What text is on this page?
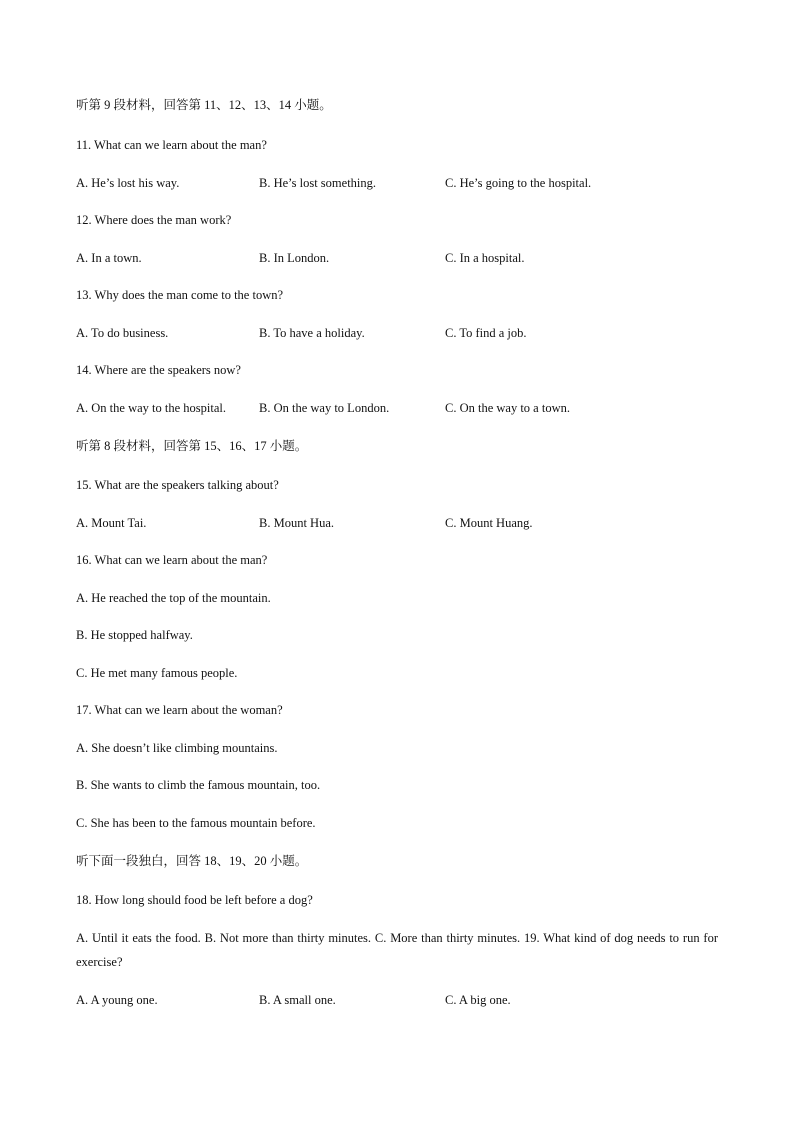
听第 9 段材料，回答第 11、12、13、14 小题。
11. What can we learn about the man?
A. He’s lost his way.	B. He’s lost something.	C. He’s going to the hospital.
12. Where does the man work?
A. In a town.	B. In London.	C. In a hospital.
13. Why does the man come to the town?
A. To do business.	B. To have a holiday.	C. To find a job.
14. Where are the speakers now?
A. On the way to the hospital.	B. On the way to London.	C. On the way to a town.
听第 8 段材料，回答第 15、16、17 小题。
15. What are the speakers talking about?
A. Mount Tai.	B. Mount Hua.	C. Mount Huang.
16. What can we learn about the man?
A. He reached the top of the mountain.
B. He stopped halfway.
C. He met many famous people.
17. What can we learn about the woman?
A. She doesn’t like climbing mountains.
B. She wants to climb the famous mountain, too.
C. She has been to the famous mountain before.
听下面一段独白，回答 18、19、20 小题。
18. How long should food be left before a dog?
A. Until it eats the food. B. Not more than thirty minutes. C. More than thirty minutes. 19. What kind of dog needs to run for exercise?
A. A young one.	B. A small one.	C. A big one.
